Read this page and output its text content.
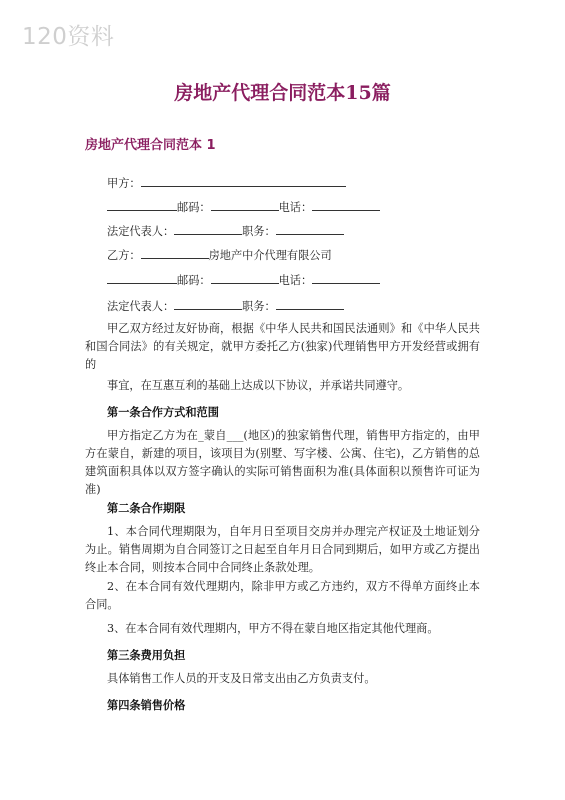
120资料
房地产代理合同范本15篇
房地产代理合同范本 1
甲方：
邮码：	电话：
法定代表人：	职务：
乙方：	房地产中介代理有限公司
邮码：	电话：
法定代表人：	职务：
甲乙双方经过友好协商，根据《中华人民共和国民法通则》和《中华人民共和国合同法》的有关规定，就甲方委托乙方(独家)代理销售甲方开发经营或拥有的
事宜，在互惠互利的基础上达成以下协议，并承诺共同遵守。
第一条合作方式和范围
甲方指定乙方为在_蒙自___(地区)的独家销售代理，销售甲方指定的，由甲方在蒙自，新建的项目，该项目为(别墅、写字楼、公寓、住宅)，乙方销售的总建筑面积具体以双方签字确认的实际可销售面积为准(具体面积以预售许可证为准)
第二条合作期限
1、本合同代理期限为，自年月日至项目交房并办理完产权证及土地证划分为止。销售周期为自合同签订之日起至自年月日合同到期后，如甲方或乙方提出终止本合同，则按本合同中合同终止条款处理。
2、在本合同有效代理期内，除非甲方或乙方违约，双方不得单方面终止本合同。
3、在本合同有效代理期内，甲方不得在蒙自地区指定其他代理商。
第三条费用负担
具体销售工作人员的开支及日常支出由乙方负责支付。
第四条销售价格
